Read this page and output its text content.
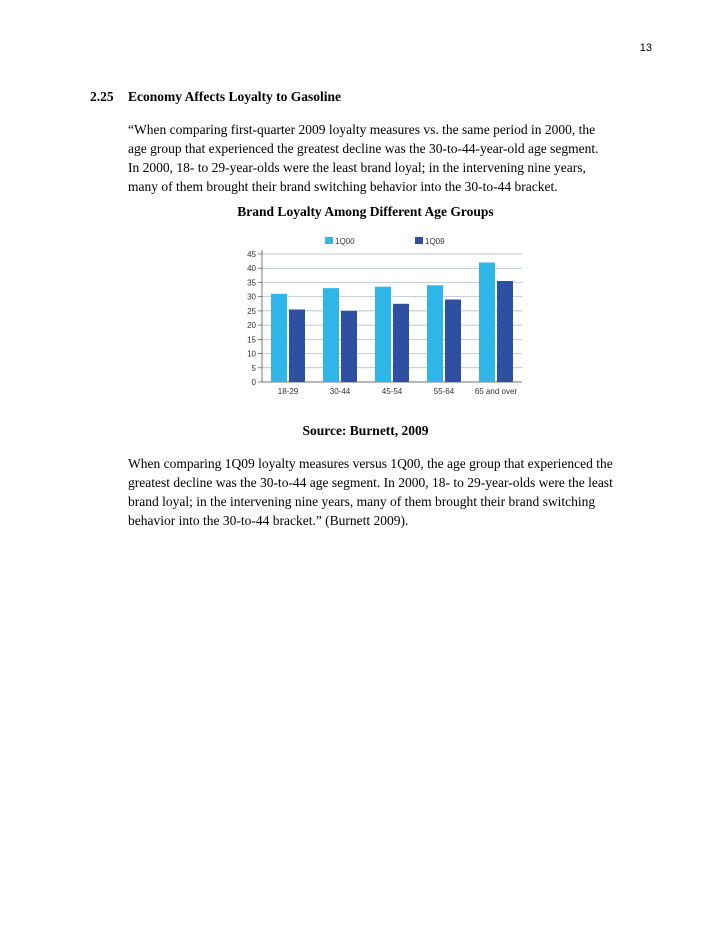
13
2.25 Economy Affects Loyalty to Gasoline
“When comparing first-quarter 2009 loyalty measures vs. the same period in 2000, the
age group that experienced the greatest decline was the 30-to-44-year-old age segment.
In 2000, 18- to 29-year-olds were the least brand loyal; in the intervening nine years,
many of them brought their brand switching behavior into the 30-to-44 bracket.
Brand Loyalty Among Different Age Groups
0
5
10
15
20
25
30
35
40
45
18-29	30-44	45-54	55-64	65 and over
1Q00	1Q09
Source: Burnett, 2009
When comparing 1Q09 loyalty measures versus 1Q00, the age group that experienced the
greatest decline was the 30-to-44 age segment. In 2000, 18- to 29-year-olds were the least
brand loyal; in the intervening nine years, many of them brought their brand switching
behavior into the 30-to-44 bracket.” (Burnett 2009).
